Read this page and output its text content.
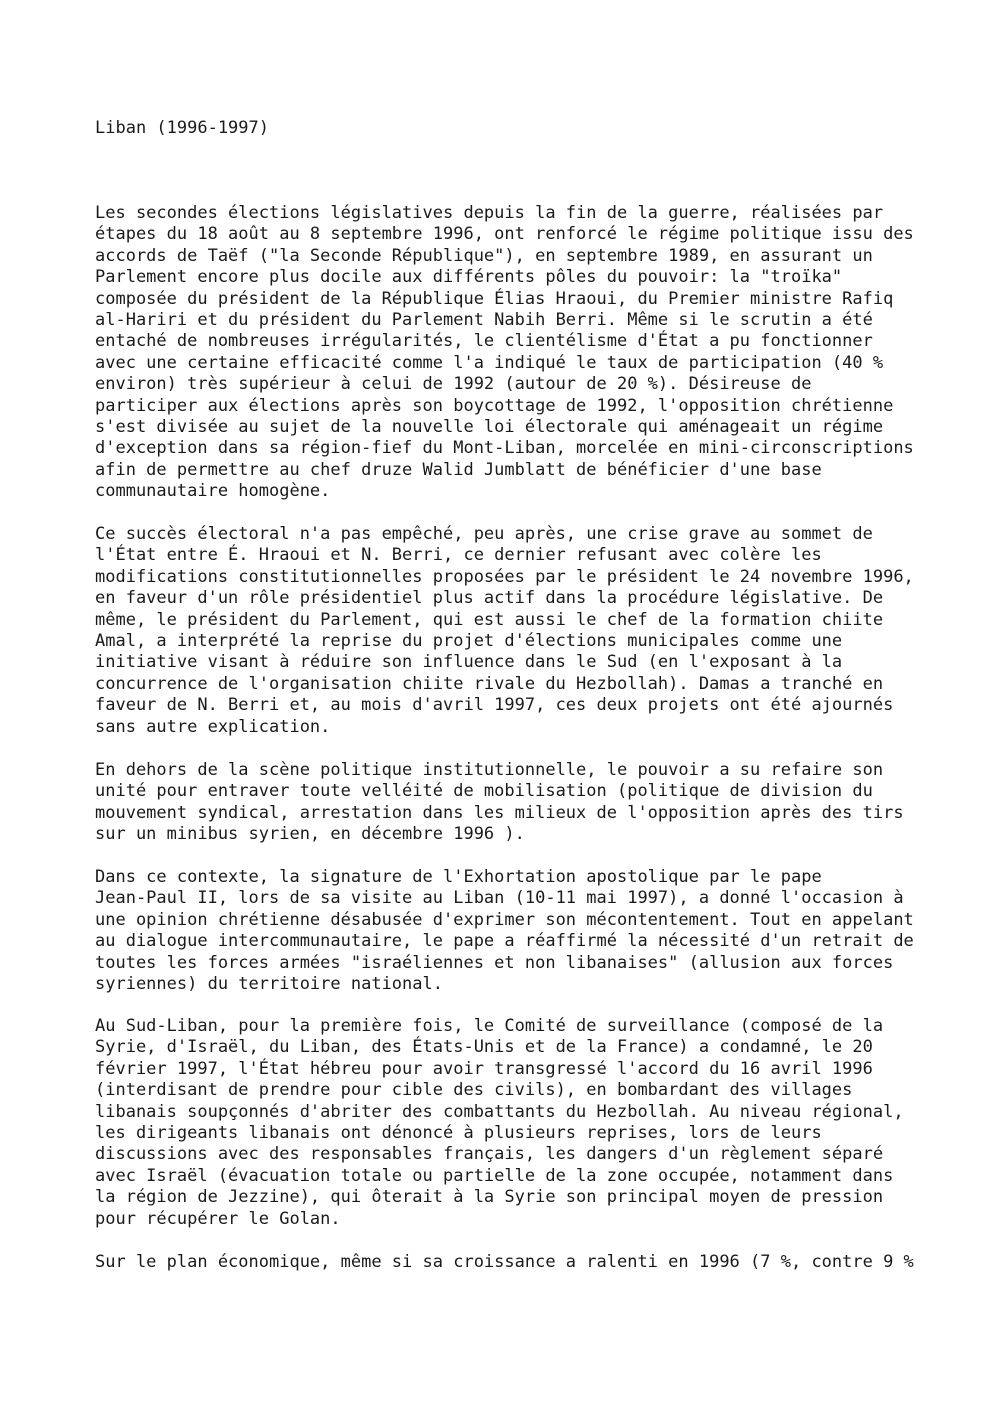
Liban (1996-1997)

Les secondes élections législatives depuis la fin de la guerre, réalisées par
étapes du 18 août au 8 septembre 1996, ont renforcé le régime politique issu des
accords de Taëf ("la Seconde République"), en septembre 1989, en assurant un
Parlement encore plus docile aux différents pôles du pouvoir: la "troïka"
composée du président de la République Élias Hraoui, du Premier ministre Rafiq
al-Hariri et du président du Parlement Nabih Berri. Même si le scrutin a été
entaché de nombreuses irrégularités, le clientélisme d'État a pu fonctionner
avec une certaine efficacité comme l'a indiqué le taux de participation (40 %
environ) très supérieur à celui de 1992 (autour de 20 %). Désireuse de
participer aux élections après son boycottage de 1992, l'opposition chrétienne
s'est divisée au sujet de la nouvelle loi électorale qui aménageait un régime
d'exception dans sa région-fief du Mont-Liban, morcelée en mini-circonscriptions
afin de permettre au chef druze Walid Jumblatt de bénéficier d'une base
communautaire homogène.

Ce succès électoral n'a pas empêché, peu après, une crise grave au sommet de
l'État entre É. Hraoui et N. Berri, ce dernier refusant avec colère les
modifications constitutionnelles proposées par le président le 24 novembre 1996,
en faveur d'un rôle présidentiel plus actif dans la procédure législative. De
même, le président du Parlement, qui est aussi le chef de la formation chiite
Amal, a interprété la reprise du projet d'élections municipales comme une
initiative visant à réduire son influence dans le Sud (en l'exposant à la
concurrence de l'organisation chiite rivale du Hezbollah). Damas a tranché en
faveur de N. Berri et, au mois d'avril 1997, ces deux projets ont été ajournés
sans autre explication.

En dehors de la scène politique institutionnelle, le pouvoir a su refaire son
unité pour entraver toute velléité de mobilisation (politique de division du
mouvement syndical, arrestation dans les milieux de l'opposition après des tirs
sur un minibus syrien, en décembre 1996 ).

Dans ce contexte, la signature de l'Exhortation apostolique par le pape
Jean-Paul II, lors de sa visite au Liban (10-11 mai 1997), a donné l'occasion à
une opinion chrétienne désabusée d'exprimer son mécontentement. Tout en appelant
au dialogue intercommunautaire, le pape a réaffirmé la nécessité d'un retrait de
toutes les forces armées "israéliennes et non libanaises" (allusion aux forces
syriennes) du territoire national.

Au Sud-Liban, pour la première fois, le Comité de surveillance (composé de la
Syrie, d'Israël, du Liban, des États-Unis et de la France) a condamné, le 20
février 1997, l'État hébreu pour avoir transgressé l'accord du 16 avril 1996
(interdisant de prendre pour cible des civils), en bombardant des villages
libanais soupçonnés d'abriter des combattants du Hezbollah. Au niveau régional,
les dirigeants libanais ont dénoncé à plusieurs reprises, lors de leurs
discussions avec des responsables français, les dangers d'un règlement séparé
avec Israël (évacuation totale ou partielle de la zone occupée, notamment dans
la région de Jezzine), qui ôterait à la Syrie son principal moyen de pression
pour récupérer le Golan.

Sur le plan économique, même si sa croissance a ralenti en 1996 (7 %, contre 9 %
